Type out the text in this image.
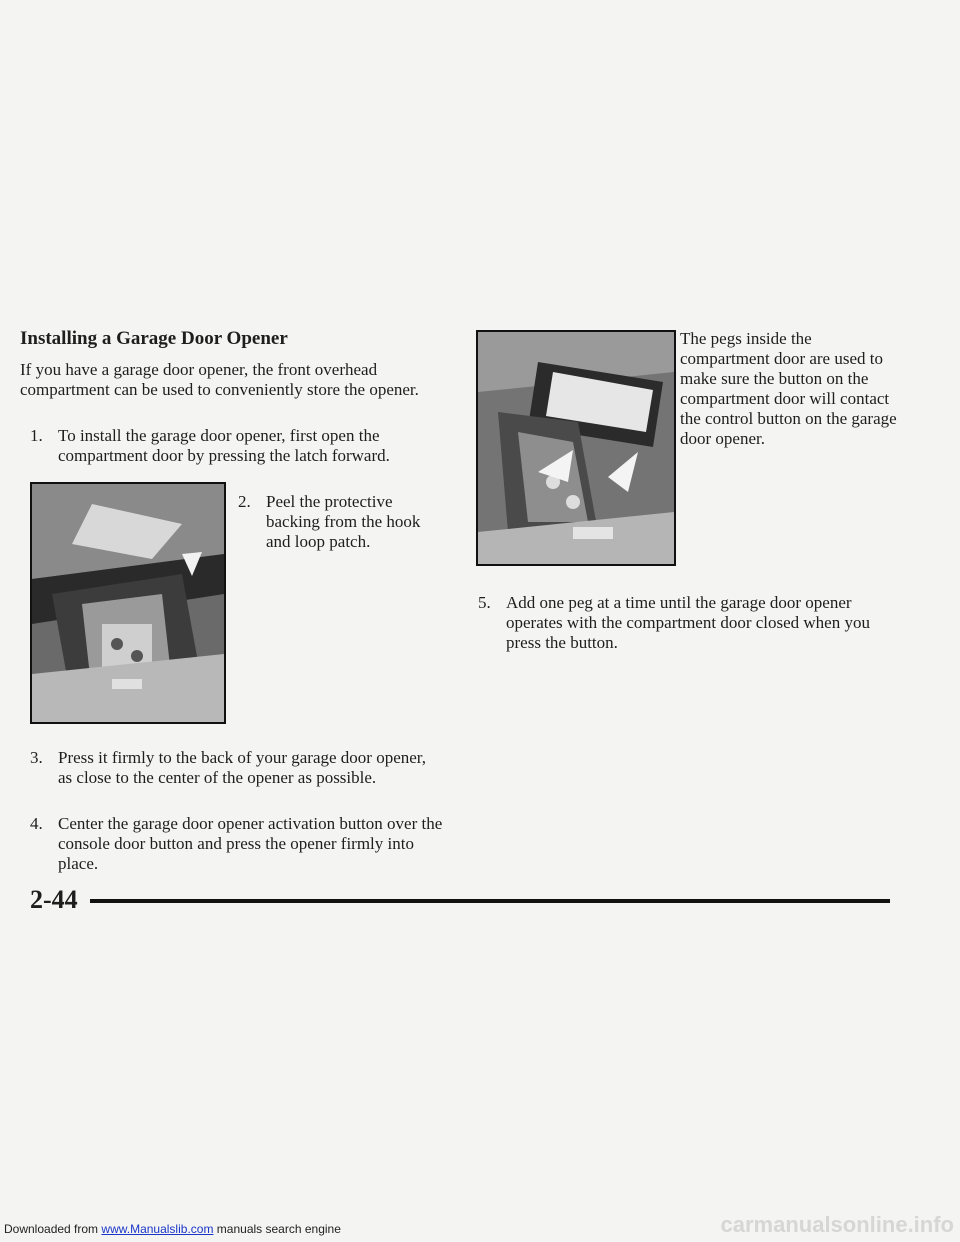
Installing a Garage Door Opener
If you have a garage door opener, the front overhead compartment can be used to conveniently store the opener.
1. To install the garage door opener, first open the compartment door by pressing the latch forward.
2. Peel the protective backing from the hook and loop patch.
3. Press it firmly to the back of your garage door opener, as close to the center of the opener as possible.
4. Center the garage door opener activation button over the console door button and press the opener firmly into place.
The pegs inside the compartment door are used to make sure the button on the compartment door will contact the control button on the garage door opener.
5. Add one peg at a time until the garage door opener operates with the compartment door closed when you press the button.
2-44
Downloaded from www.Manualslib.com manuals search engine	carmanualsonline.info
